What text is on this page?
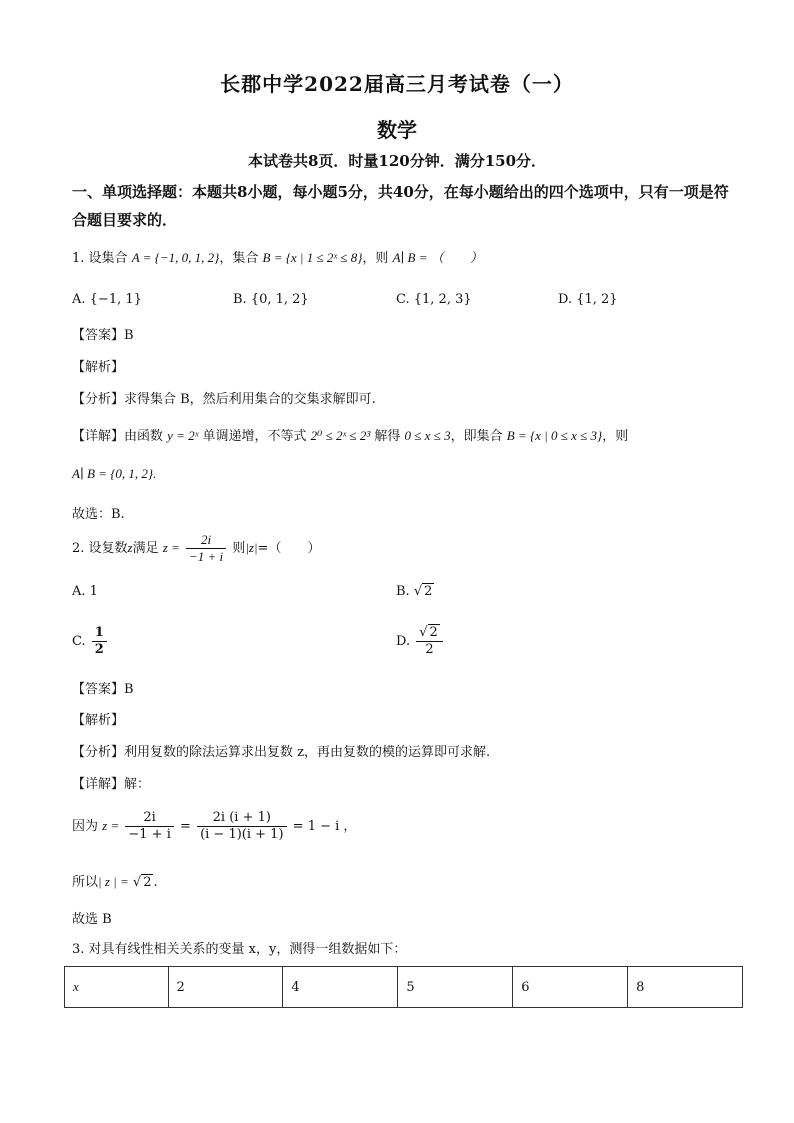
长郡中学2022届高三月考试卷（一）
数学
本试卷共8页．时量120分钟．满分150分．
一、单项选择题：本题共8小题，每小题5分，共40分，在每小题给出的四个选项中，只有一项是符合题目要求的．
1. 设集合 A = {−1, 0, 1, 2}，集合 B = {x | 1 ≤ 2ˣ ≤ 8}，则 A∣ B = （　　）
A. {−1, 1}	B. {0, 1, 2}	C. {1, 2, 3}	D. {1, 2}
【答案】B
【解析】
【分析】求得集合 B，然后利用集合的交集求解即可.
【详解】由函数 y = 2ˣ 单调递增，不等式 2⁰ ≤ 2ˣ ≤ 2³ 解得 0 ≤ x ≤ 3，即集合 B = {x | 0 ≤ x ≤ 3}，则
A∣ B = {0, 1, 2}.
故选：B.
2. 设复数z满足 $z = \frac{2i}{-1 + i}$ 则|z|=（　　）
A. 1	B. √ 2
C. $\frac{1}{2}$	D. $\frac{√ 2}{2}$
【答案】B
【解析】
【分析】利用复数的除法运算求出复数 z，再由复数的模的运算即可求解.
【详解】解：
因为 $z = \frac{2i}{-1 + i} = \frac{2i (i + 1)}{(i - 1)(i + 1)} = 1 - i$ ，
所以| z | = √ 2 .
故选 B
3. 对具有线性相关关系的变量 x，y，测得一组数据如下：
x	2	4	5	6	8
